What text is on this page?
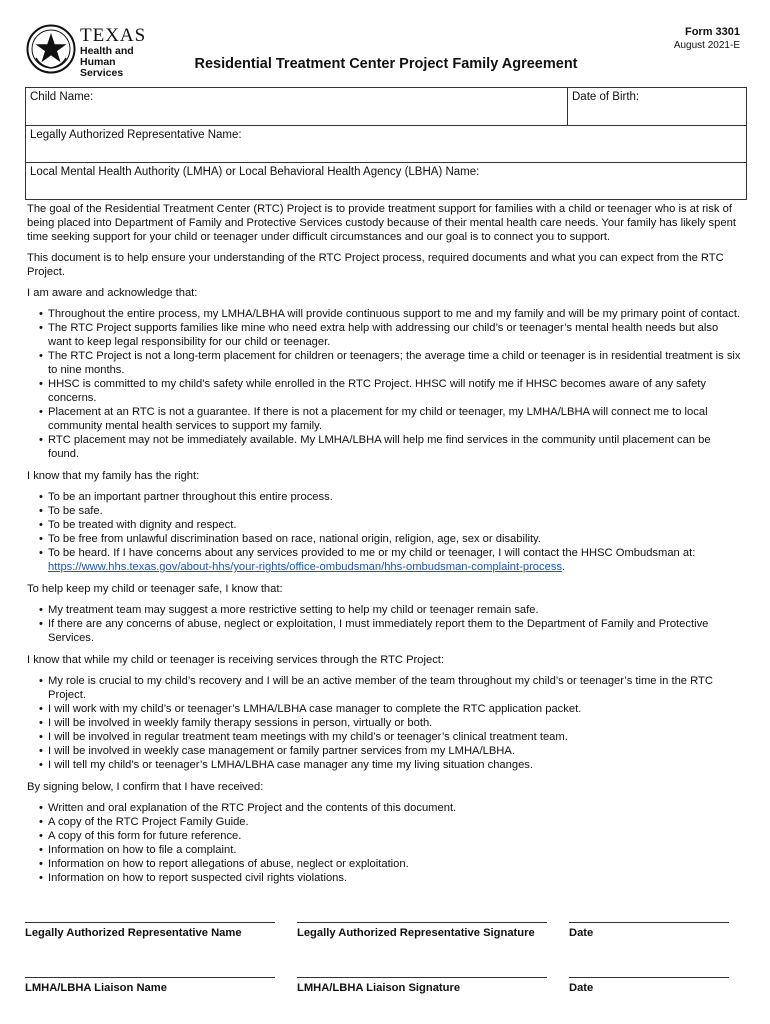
TEXAS
Health and Human
Services
Form 3301
August 2021-E
Residential Treatment Center Project Family Agreement
Child Name:	Date of Birth:
Legally Authorized Representative Name:
Local Mental Health Authority (LMHA) or Local Behavioral Health Agency (LBHA) Name:

The goal of the Residential Treatment Center (RTC) Project is to provide treatment support for families with a child or teenager who is at risk of being placed into Department of Family and Protective Services custody because of their mental health care needs. Your family has likely spent time seeking support for your child or teenager under difficult circumstances and our goal is to connect you to support.

This document is to help ensure your understanding of the RTC Project process, required documents and what you can expect from the RTC Project.

I am aware and acknowledge that:

• Throughout the entire process, my LMHA/LBHA will provide continuous support to me and my family and will be my primary point of contact.
• The RTC Project supports families like mine who need extra help with addressing our child’s or teenager’s mental health needs but also want to keep legal responsibility for our child or teenager.
• The RTC Project is not a long-term placement for children or teenagers; the average time a child or teenager is in residential treatment is six to nine months.
• HHSC is committed to my child’s safety while enrolled in the RTC Project. HHSC will notify me if HHSC becomes aware of any safety concerns.
• Placement at an RTC is not a guarantee. If there is not a placement for my child or teenager, my LMHA/LBHA will connect me to local community mental health services to support my family.
• RTC placement may not be immediately available. My LMHA/LBHA will help me find services in the community until placement can be found.

I know that my family has the right:

• To be an important partner throughout this entire process.
• To be safe.
• To be treated with dignity and respect.
• To be free from unlawful discrimination based on race, national origin, religion, age, sex or disability.
• To be heard. If I have concerns about any services provided to me or my child or teenager, I will contact the HHSC Ombudsman at:
https://www.hhs.texas.gov/about-hhs/your-rights/office-ombudsman/hhs-ombudsman-complaint-process.

To help keep my child or teenager safe, I know that:

• My treatment team may suggest a more restrictive setting to help my child or teenager remain safe.
• If there are any concerns of abuse, neglect or exploitation, I must immediately report them to the Department of Family and Protective Services.

I know that while my child or teenager is receiving services through the RTC Project:

• My role is crucial to my child’s recovery and I will be an active member of the team throughout my child’s or teenager’s time in the RTC Project.
• I will work with my child’s or teenager’s LMHA/LBHA case manager to complete the RTC application packet.
• I will be involved in weekly family therapy sessions in person, virtually or both.
• I will be involved in regular treatment team meetings with my child’s or teenager’s clinical treatment team.
• I will be involved in weekly case management or family partner services from my LMHA/LBHA.
• I will tell my child’s or teenager’s LMHA/LBHA case manager any time my living situation changes.

By signing below, I confirm that I have received:

• Written and oral explanation of the RTC Project and the contents of this document.
• A copy of the RTC Project Family Guide.
• A copy of this form for future reference.
• Information on how to file a complaint.
• Information on how to report allegations of abuse, neglect or exploitation.
• Information on how to report suspected civil rights violations.
Legally Authorized Representative Name	Legally Authorized Representative Signature	Date
LMHA/LBHA Liaison Name	LMHA/LBHA Liaison Signature	Date
